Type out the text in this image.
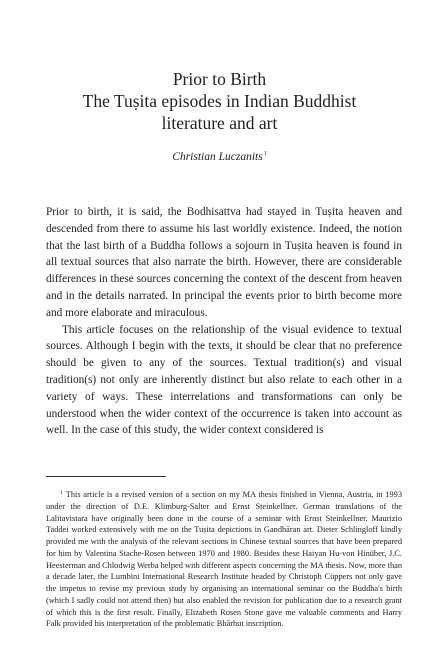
Prior to Birth
The Tuṣita episodes in Indian Buddhist
literature and art
Christian Luczanits$^1$

Prior to birth, it is said, the Bodhisattva had stayed in Tuṣita heaven and descended from there to assume his last worldly existence. Indeed, the notion that the last birth of a Buddha follows a sojourn in Tuṣita heaven is found in all textual sources that also narrate the birth. However, there are considerable differences in these sources concerning the context of the descent from heaven and in the details narrated. In principal the events prior to birth become more and more elaborate and miraculous.

This article focuses on the relationship of the visual evidence to textual sources. Although I begin with the texts, it should be clear that no preference should be given to any of the sources. Textual tradition(s) and visual tradition(s) not only are inherently distinct but also relate to each other in a variety of ways. These interrelations and transformations can only be understood when the wider context of the occurrence is taken into account as well. In the case of this study, the wider context considered is

$^1$ This article is a revised version of a section on my MA thesis finished in Vienna, Austria, in 1993 under the direction of D.E. Klimburg-Salter and Ernst Steinkellner. German translations of the Lalitavistara have originally been done in the course of a seminar with Ernst Steinkellner. Maurizio Taddei worked extensively with me on the Tuṣita depictions in Gandhāran art. Dieter Schlingloff kindly provided me with the analysis of the relevant sections in Chinese textual sources that have been prepared for him by Valentina Stache-Rosen between 1970 and 1980. Besides these Haiyan Hu-von Hinüber, J.C. Heesterman and Chlodwig Werba helped with different aspects concerning the MA thesis. Now, more than a decade later, the Lumbini International Research Institute headed by Christoph Cüppers not only gave the impetus to revise my previous study by organising an international seminar on the Buddha's birth (which I sadly could not attend then) but also enabled the revision for publication due to a research grant of which this is the first result. Finally, Elizabeth Rosen Stone gave me valuable comments and Harry Falk provided his interpretation of the problematic Bhārhut inscription.
